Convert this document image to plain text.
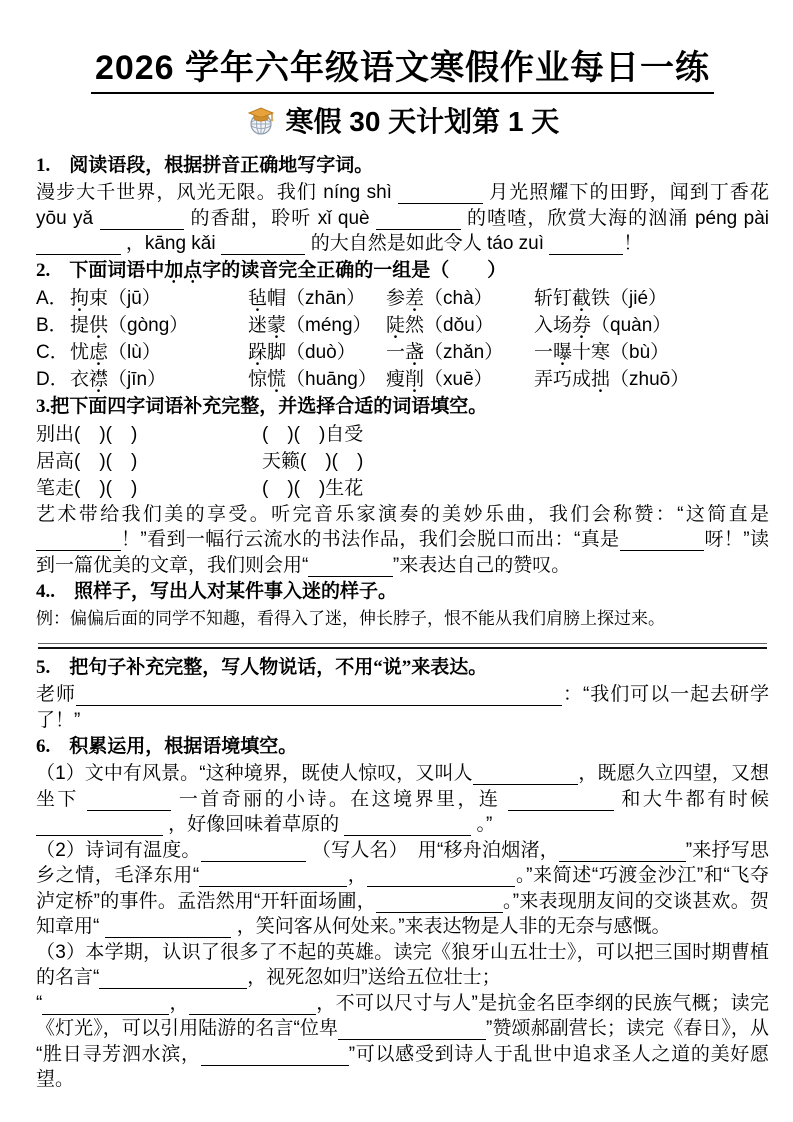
2026 学年六年级语文寒假作业每日一练
寒假 30 天计划第 1 天
1.　阅读语段，根据拼音正确地写字词。

漫步大千世界，风光无限。我们 níng shì	月光照耀下的田野，闻到丁香花 yōu yǎ	的香甜，聆听 xǐ què	的喳喳，欣赏大海的汹涌 péng pài ，kāng kǎi	的大自然是如此令人 táo zuì	！

2.　下面词语中加点字的读音完全正确的一组是（　　）
A． 拘束（jū）	毡帽（zhān）	参差（chà）	斩钉截铁（jié）
B． 提供（gòng）	迷蒙（méng） 陡然（dǒu）	入场券（quàn）
C． 忧虑（lù）	跺脚（duò）	一盏（zhǎn）	一曝十寒（bù）
D． 衣襟（jīn）	惊慌（huāng） 瘦削（xuē）	弄巧成拙（zhuō）
3.把下面四字词语补充完整，并选择合适的词语填空。
别出(　)(　)	(　)(　)自受
居高(　)(　)	天籁(　)(　)
笔走(　)(　)	(　)(　)生花

艺术带给我们美的享受。听完音乐家演奏的美妙乐曲，我们会称赞：“这简直是！”看到一幅行云流水的书法作品，我们会脱口而出：“真是	呀！”读到一篇优美的文章，我们则会用“	”来表达自己的赞叹。

4..　照样子，写出人对某件事入迷的样子。

例：偏偏后面的同学不知趣，看得入了迷，伸长脖子，恨不能从我们肩膀上探过来。

5.　把句子补充完整，写人物说话，不用“说”来表达。

老师	：“我们可以一起去研学了！”

6.　积累运用，根据语境填空。

（1）文中有风景。“这种境界，既使人惊叹，又叫人	，既愿久立四望，又想坐下	一首奇丽的小诗。在这境界里，连	和大牛都有时候 ，好像回味着草原的	。”

（2）诗词有温度。	（写人名）　用“移舟泊烟渚，	”来抒写思乡之情，毛泽东用“	，	。”来简述“巧渡金沙江”和“飞夺泸定桥”的事件。孟浩然用“开轩面场圃，	。”来表现朋友间的交谈甚欢。贺知章用“	，笑问客从何处来。”来表达物是人非的无奈与感慨。

（3）本学期，认识了很多了不起的英雄。读完《狼牙山五壮士》，可以把三国时期曹植的名言“	，视死忽如归”送给五位壮士；

“	，	，不可以尺寸与人”是抗金名臣李纲的民族气概；读完《灯光》，可以引用陆游的名言“位卑	”赞颂郝副营长；读完《春日》，从“胜日寻芳泗水滨，	”可以感受到诗人于乱世中追求圣人之道的美好愿望。
